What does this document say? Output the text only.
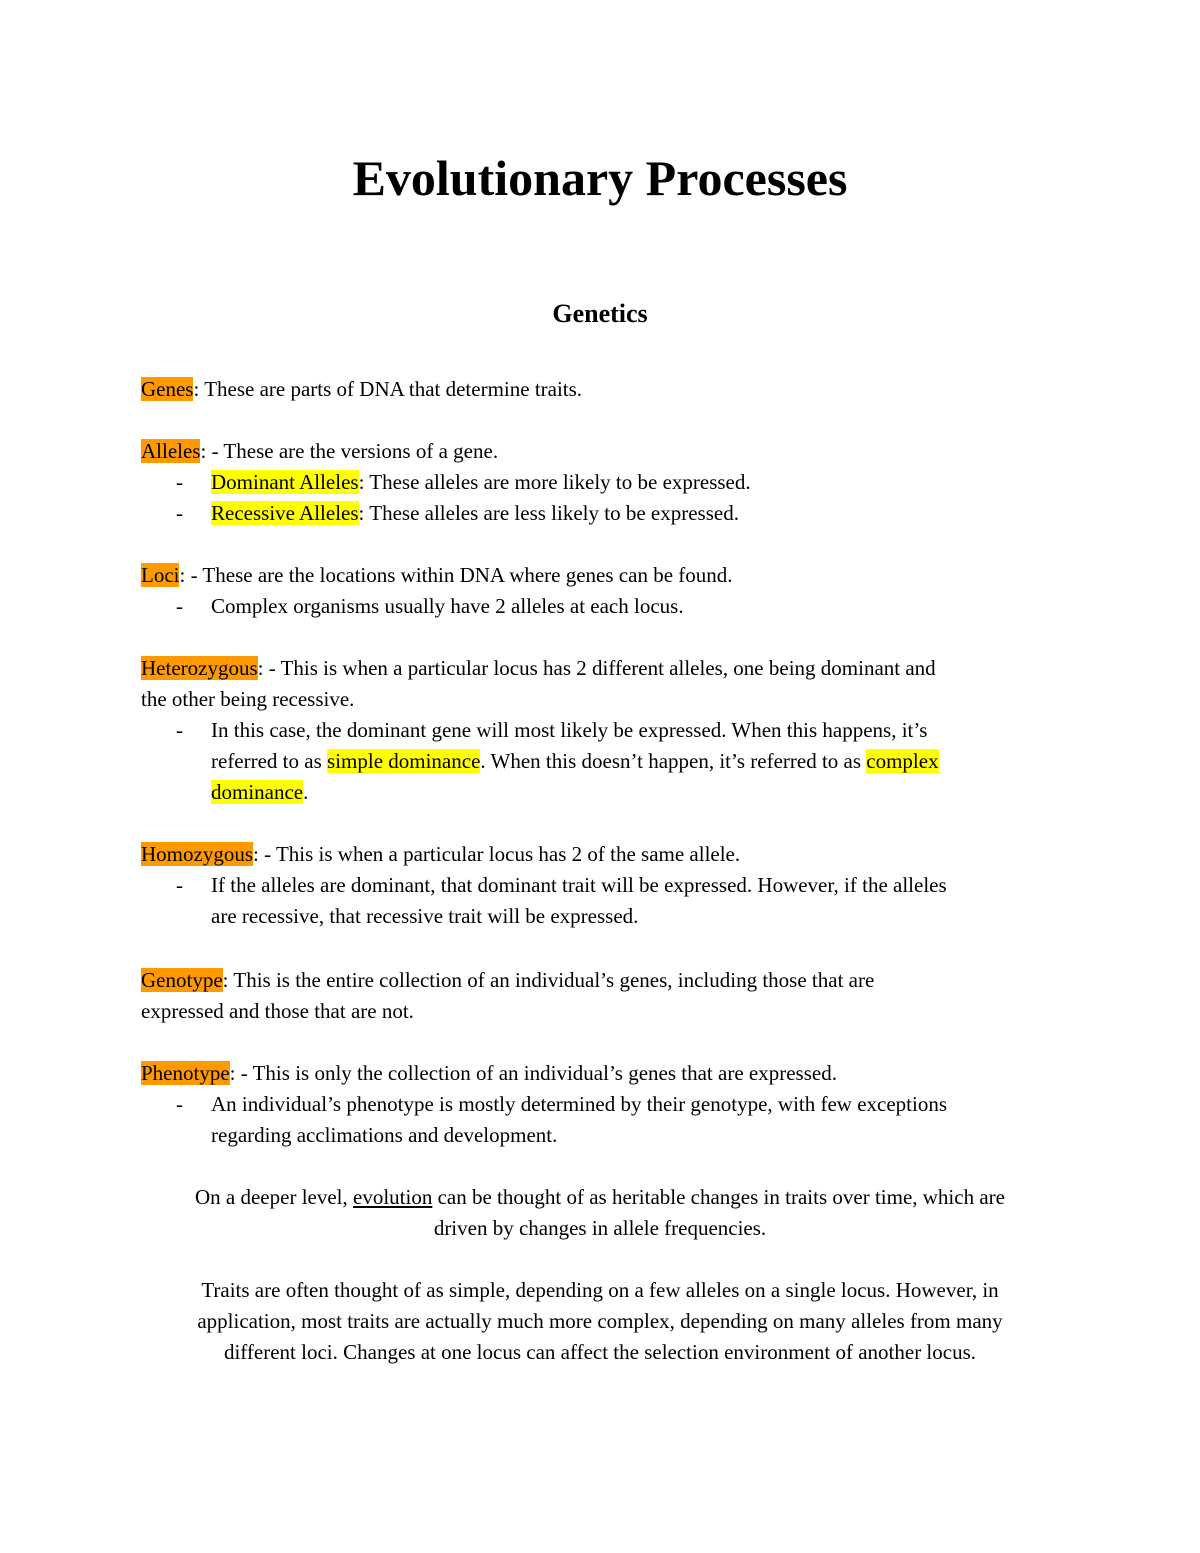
Evolutionary Processes
Genetics
Genes: These are parts of DNA that determine traits.
Alleles: - These are the versions of a gene.
- Dominant Alleles: These alleles are more likely to be expressed.
- Recessive Alleles: These alleles are less likely to be expressed.
Loci: - These are the locations within DNA where genes can be found.
- Complex organisms usually have 2 alleles at each locus.
Heterozygous: - This is when a particular locus has 2 different alleles, one being dominant and
the other being recessive.
- In this case, the dominant gene will most likely be expressed. When this happens, it’s
referred to as simple dominance. When this doesn’t happen, it’s referred to as complex
dominance.
Homozygous: - This is when a particular locus has 2 of the same allele.
- If the alleles are dominant, that dominant trait will be expressed. However, if the alleles
are recessive, that recessive trait will be expressed.
Genotype: This is the entire collection of an individual’s genes, including those that are
expressed and those that are not.
Phenotype: - This is only the collection of an individual’s genes that are expressed.
- An individual’s phenotype is mostly determined by their genotype, with few exceptions
regarding acclimations and development.
On a deeper level, evolution can be thought of as heritable changes in traits over time, which are
driven by changes in allele frequencies.
Traits are often thought of as simple, depending on a few alleles on a single locus. However, in
application, most traits are actually much more complex, depending on many alleles from many
different loci. Changes at one locus can affect the selection environment of another locus.
